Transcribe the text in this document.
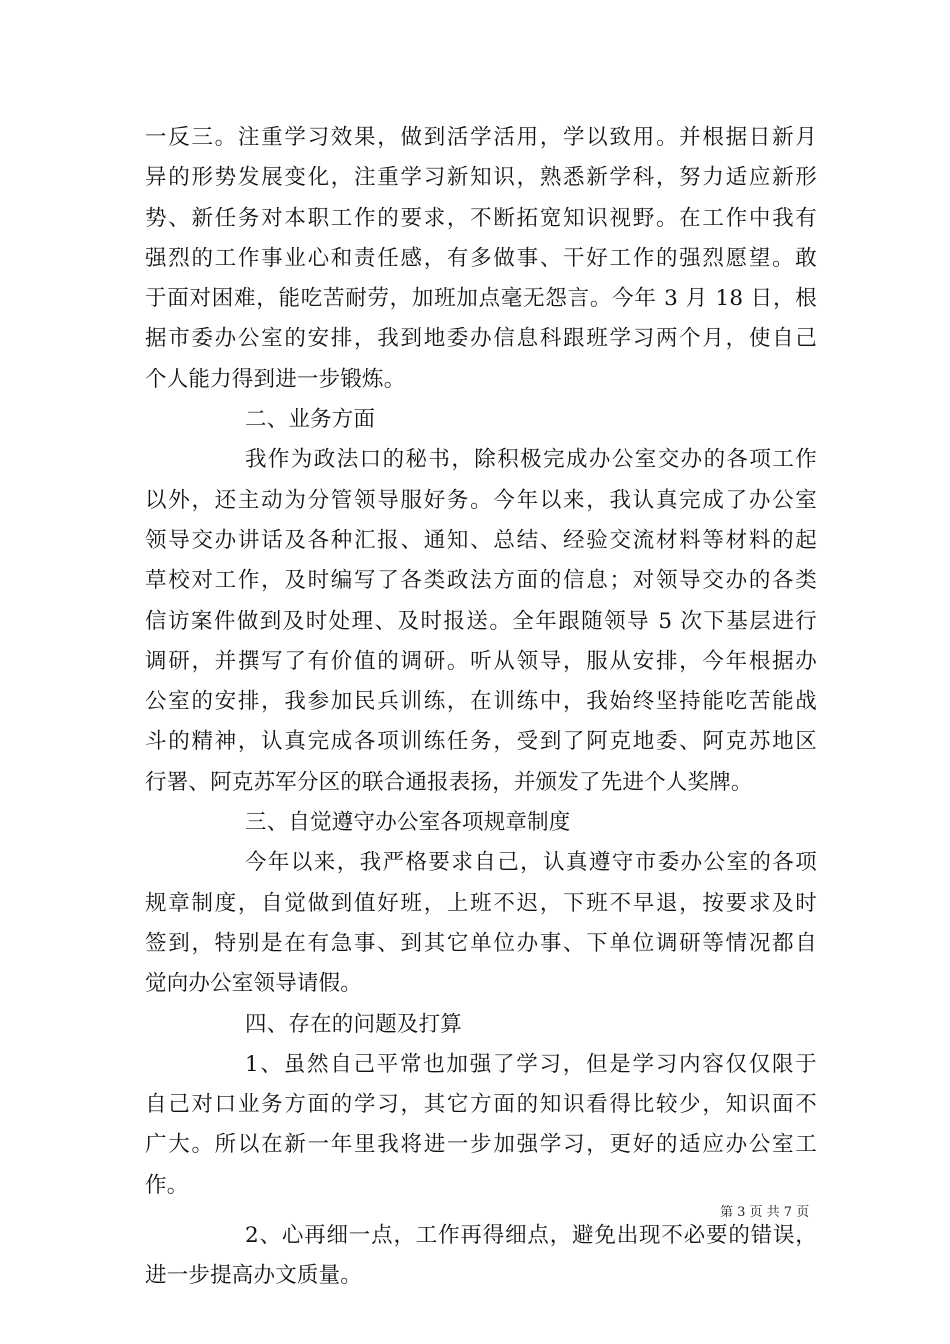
一反三。注重学习效果，做到活学活用，学以致用。并根据日新月
异的形势发展变化，注重学习新知识，熟悉新学科，努力适应新形
势、新任务对本职工作的要求，不断拓宽知识视野。在工作中我有
强烈的工作事业心和责任感，有多做事、干好工作的强烈愿望。敢
于面对困难，能吃苦耐劳，加班加点毫无怨言。今年 3 月 18 日，根
据市委办公室的安排，我到地委办信息科跟班学习两个月，使自己
个人能力得到进一步锻炼。
二、业务方面
我作为政法口的秘书，除积极完成办公室交办的各项工作
以外，还主动为分管领导服好务。今年以来，我认真完成了办公室
领导交办讲话及各种汇报、通知、总结、经验交流材料等材料的起
草校对工作，及时编写了各类政法方面的信息；对领导交办的各类
信访案件做到及时处理、及时报送。全年跟随领导 5 次下基层进行
调研，并撰写了有价值的调研。听从领导，服从安排，今年根据办
公室的安排，我参加民兵训练，在训练中，我始终坚持能吃苦能战
斗的精神，认真完成各项训练任务，受到了阿克地委、阿克苏地区
行署、阿克苏军分区的联合通报表扬，并颁发了先进个人奖牌。
三、自觉遵守办公室各项规章制度
今年以来，我严格要求自己，认真遵守市委办公室的各项
规章制度，自觉做到值好班，上班不迟，下班不早退，按要求及时
签到，特别是在有急事、到其它单位办事、下单位调研等情况都自
觉向办公室领导请假。
四、存在的问题及打算
1、虽然自己平常也加强了学习，但是学习内容仅仅限于
自己对口业务方面的学习，其它方面的知识看得比较少，知识面不
广大。所以在新一年里我将进一步加强学习，更好的适应办公室工
作。
2、心再细一点，工作再得细点，避免出现不必要的错误，
进一步提高办文质量。
第 3 页 共 7 页
